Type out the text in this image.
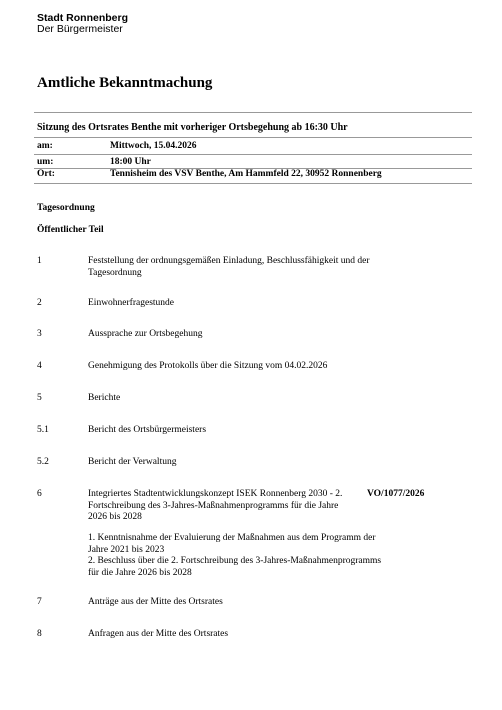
Stadt Ronnenberg
Der Bürgermeister
Amtliche Bekanntmachung
Sitzung des Ortsrates Benthe mit vorheriger Ortsbegehung ab 16:30 Uhr
am:	Mittwoch, 15.04.2026
um:	18:00 Uhr
Ort:	Tennisheim des VSV Benthe, Am Hammfeld 22, 30952 Ronnenberg
Tagesordnung
Öffentlicher Teil
1	Feststellung der ordnungsgemäßen Einladung, Beschlussfähigkeit und der Tagesordnung
2	Einwohnerfragestunde
3	Aussprache zur Ortsbegehung
4	Genehmigung des Protokolls über die Sitzung vom 04.02.2026
5	Berichte
5.1	Bericht des Ortsbürgermeisters
5.2	Bericht der Verwaltung
6	Integriertes Stadtentwicklungskonzept ISEK Ronnenberg 2030 - 2. Fortschreibung des 3-Jahres-Maßnahmenprogramms für die Jahre 2026 bis 2028
VO/1077/2026
1. Kenntnisnahme der Evaluierung der Maßnahmen aus dem Programm der Jahre 2021 bis 2023
2. Beschluss über die 2. Fortschreibung des 3-Jahres-Maßnahmenprogramms für die Jahre 2026 bis 2028
7	Anträge aus der Mitte des Ortsrates
8	Anfragen aus der Mitte des Ortsrates
